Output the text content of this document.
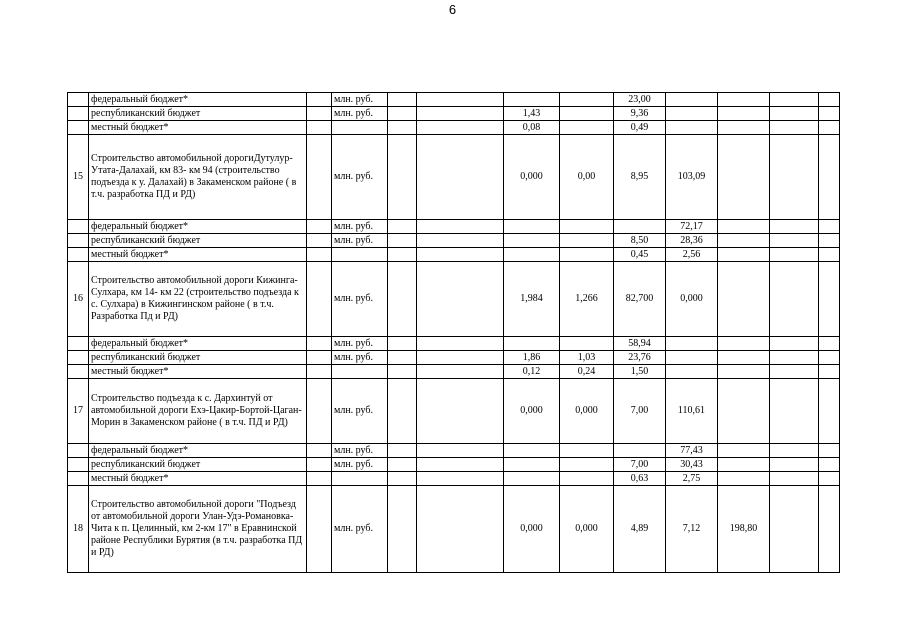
6
	федеральный бюджет*		млн. руб.					23,00				
	республиканский бюджет		млн. руб.			1,43		9,36				
	местный бюджет*					0,08		0,49				
15	Строительство автомобильной дорогиДутулур-Утата-Далахай, км 83- км 94 (строительство подъезда к у. Далахай) в Закаменском районе ( в т.ч. разработка ПД и РД)		млн. руб.			0,000	0,00	8,95	103,09			
	федеральный бюджет*		млн. руб.						72,17			
	республиканский бюджет		млн. руб.					8,50	28,36			
	местный бюджет*							0,45	2,56			
16	Строительство автомобильной дороги Кижинга-Сулхара, км 14- км 22 (строительство подъезда к с. Сулхара) в Кижингинском районе ( в т.ч. Разработка Пд и РД)		млн. руб.			1,984	1,266	82,700	0,000			
	федеральный бюджет*		млн. руб.					58,94				
	республиканский бюджет		млн. руб.			1,86	1,03	23,76				
	местный бюджет*					0,12	0,24	1,50				
17	Строительство подъезда к с. Дархинтуй от автомобильной дороги Ехэ-Цакир-Бортой-Цаган-Морин в Закаменском районе ( в т.ч. ПД и РД)		млн. руб.			0,000	0,000	7,00	110,61			
	федеральный бюджет*		млн. руб.						77,43			
	республиканский бюджет		млн. руб.					7,00	30,43			
	местный бюджет*							0,63	2,75			
18	Строительство автомобильной дороги "Подъезд от автомобильной дороги Улан-Удэ-Романовка-Чита к п. Целинный, км 2-км 17" в Еравнинской районе Республики Бурятия (в т.ч. разработка ПД и РД)		млн. руб.			0,000	0,000	4,89	7,12	198,80		
